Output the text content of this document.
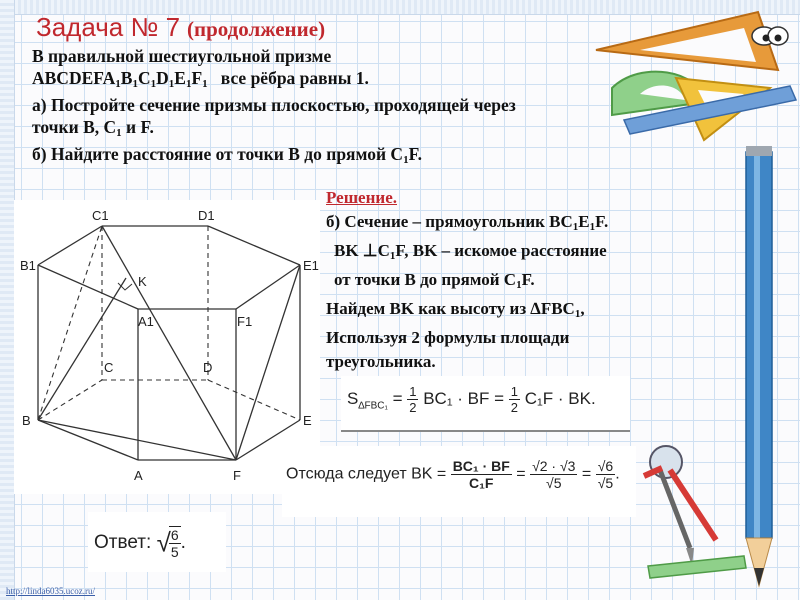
Задача № 7 (продолжение)
В правильной шестиугольной призме
$ABCDEFA_1B_1C_1D_1E_1F_1$   все рёбра равны 1.
а) Постройте сечение призмы плоскостью, проходящей через
точки B, $C_1$ и F.
б) Найдите расстояние от точки B до прямой $C_1F$.
C1	D1
B1	E1
K
A1	F1
C	D
B	E
A	F
Решение.
б) Сечение – прямоугольник $BC_1E_1F$.
BK $\perp C_1F$, BK – искомое расстояние
от точки B до прямой $C_1F$.
Найдем BK как высоту из $\Delta FBC_1$,
Используя 2 формулы площади
треугольника.
$S_{\Delta FBC_1} = \frac{1}{2} BC_1$ · BF = $\frac{1}{2} C_1F$ · BK.
Отсюда следует BK = $\frac{\text{BC₁ · BF}}{\text{C₁F}} = \frac{√2 \cdot √3}{√5} = \frac{√6}{√5}$ .
Ответ: √
$\frac{6}{5}$ .
http://linda6035.ucoz.ru/
